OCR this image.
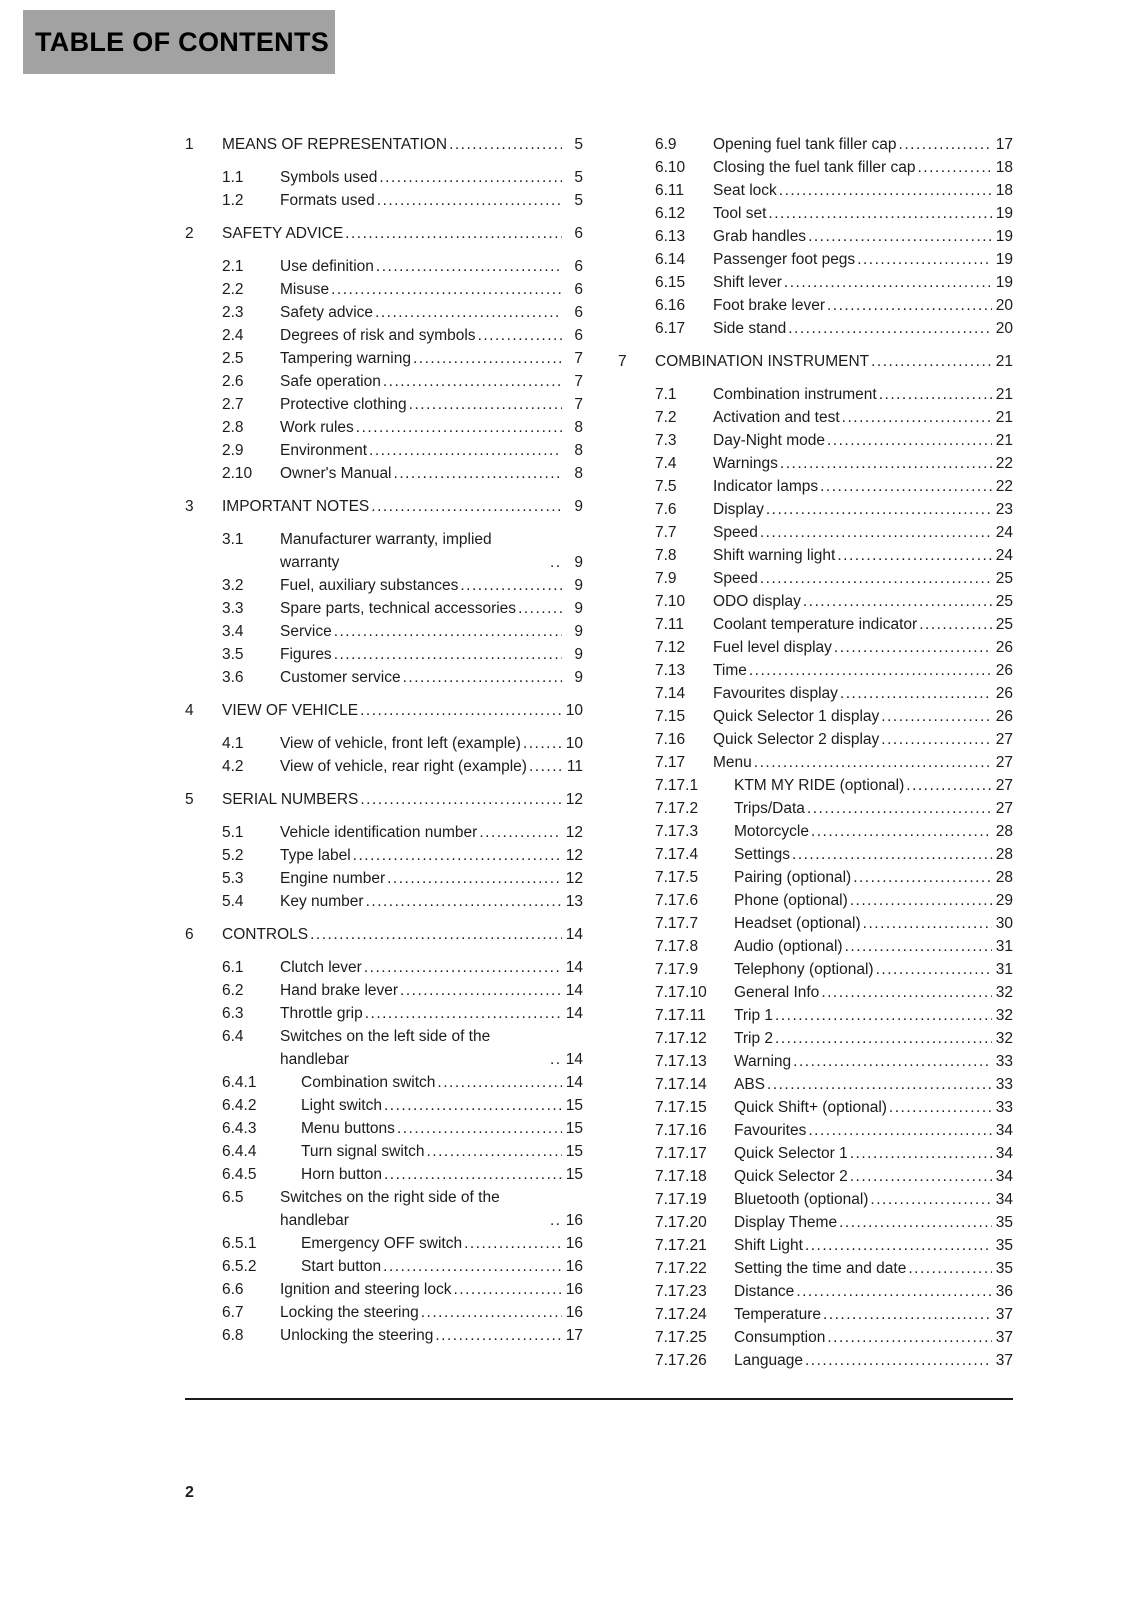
TABLE OF CONTENTS
1 MEANS OF REPRESENTATION .....	5
1.1 Symbols used .....	5
1.2 Formats used .....	5
2 SAFETY ADVICE .....	6
2.1 Use definition .....	6
2.2 Misuse .....	6
2.3 Safety advice .....	6
2.4 Degrees of risk and symbols .....	6
2.5 Tampering warning .....	7
2.6 Safe operation .....	7
2.7 Protective clothing .....	7
2.8 Work rules .....	8
2.9 Environment .....	8
2.10 Owner's Manual .....	8
3 IMPORTANT NOTES .....	9
3.1 Manufacturer warranty, implied warranty .....	9
3.2 Fuel, auxiliary substances .....	9
3.3 Spare parts, technical accessories .....	9
3.4 Service .....	9
3.5 Figures .....	9
3.6 Customer service .....	9
4 VIEW OF VEHICLE .....	10
4.1 View of vehicle, front left (example) .....	10
4.2 View of vehicle, rear right (example) .....	11
5 SERIAL NUMBERS .....	12
5.1 Vehicle identification number .....	12
5.2 Type label .....	12
5.3 Engine number .....	12
5.4 Key number .....	13
6 CONTROLS .....	14
6.1 Clutch lever .....	14
6.2 Hand brake lever .....	14
6.3 Throttle grip .....	14
6.4 Switches on the left side of the handlebar .....	14
6.4.1	Combination switch .....	14
6.4.2	Light switch .....	15
6.4.3	Menu buttons .....	15
6.4.4	Turn signal switch .....	15
6.4.5	Horn button .....	15
6.5 Switches on the right side of the handlebar .....	16
6.5.1	Emergency OFF switch .....	16
6.5.2	Start button .....	16
6.6 Ignition and steering lock .....	16
6.7 Locking the steering .....	16
6.8 Unlocking the steering .....	17
6.9 Opening fuel tank filler cap .....	17
6.10 Closing the fuel tank filler cap .....	18
6.11 Seat lock .....	18
6.12 Tool set .....	19
6.13 Grab handles .....	19
6.14 Passenger foot pegs .....	19
6.15 Shift lever .....	19
6.16 Foot brake lever .....	20
6.17 Side stand .....	20
7 COMBINATION INSTRUMENT .....	21
7.1 Combination instrument .....	21
7.2 Activation and test .....	21
7.3 Day-Night mode .....	21
7.4 Warnings .....	22
7.5 Indicator lamps .....	22
7.6 Display .....	23
7.7 Speed .....	24
7.8 Shift warning light .....	24
7.9 Speed .....	25
7.10 ODO display .....	25
7.11 Coolant temperature indicator .....	25
7.12 Fuel level display .....	26
7.13 Time .....	26
7.14 Favourites display .....	26
7.15 Quick Selector 1 display .....	26
7.16 Quick Selector 2 display .....	27
7.17 Menu .....	27
7.17.1 KTM MY RIDE (optional) .....	27
7.17.2 Trips/Data .....	27
7.17.3 Motorcycle .....	28
7.17.4 Settings .....	28
7.17.5 Pairing (optional) .....	28
7.17.6 Phone (optional) .....	29
7.17.7 Headset (optional) .....	30
7.17.8 Audio (optional) .....	31
7.17.9 Telephony (optional) .....	31
7.17.10 General Info .....	32
7.17.11 Trip 1 .....	32
7.17.12 Trip 2 .....	32
7.17.13 Warning .....	33
7.17.14 ABS .....	33
7.17.15 Quick Shift+ (optional) .....	33
7.17.16 Favourites .....	34
7.17.17 Quick Selector 1 .....	34
7.17.18 Quick Selector 2 .....	34
7.17.19 Bluetooth (optional) .....	34
7.17.20 Display Theme .....	35
7.17.21 Shift Light .....	35
7.17.22 Setting the time and date .....	35
7.17.23 Distance .....	36
7.17.24 Temperature .....	37
7.17.25 Consumption .....	37
7.17.26 Language .....	37
2
